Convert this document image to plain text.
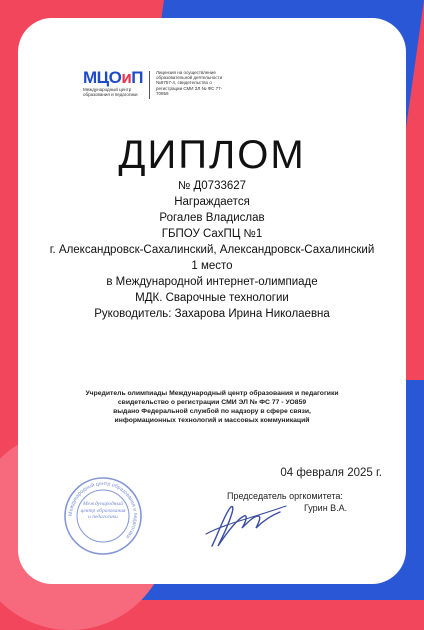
МЦОиП
Международный центр образования и педагогики
Лицензия на осуществление образовательной деятельности №9757-л, свидетельство о регистрации СМИ ЗЛ № ФС 77-70859
ДИПЛОМ
№ Д0733627
Награждается
Рогалев Владислав
ГБПОУ СахПЦ №1
г. Александровск-Сахалинский, Александровск-Сахалинский
1 место
в Международной интернет-олимпиаде
МДК. Сварочные технологии
Руководитель: Захарова Ирина Николаевна
Учредитель олимпиады Международный центр образования и педагогики
свидетельство о регистрации СМИ ЭЛ № ФС 77 - УО859
выдано Федеральной службой по надзору в сфере связи,
информационных технологий и массовых коммуникаций
04 февраля 2025 г.
Международный центр образования и педагогики
Международный центр образования и педагогики
Председатель оргкомитета:
Гурин В.А.
